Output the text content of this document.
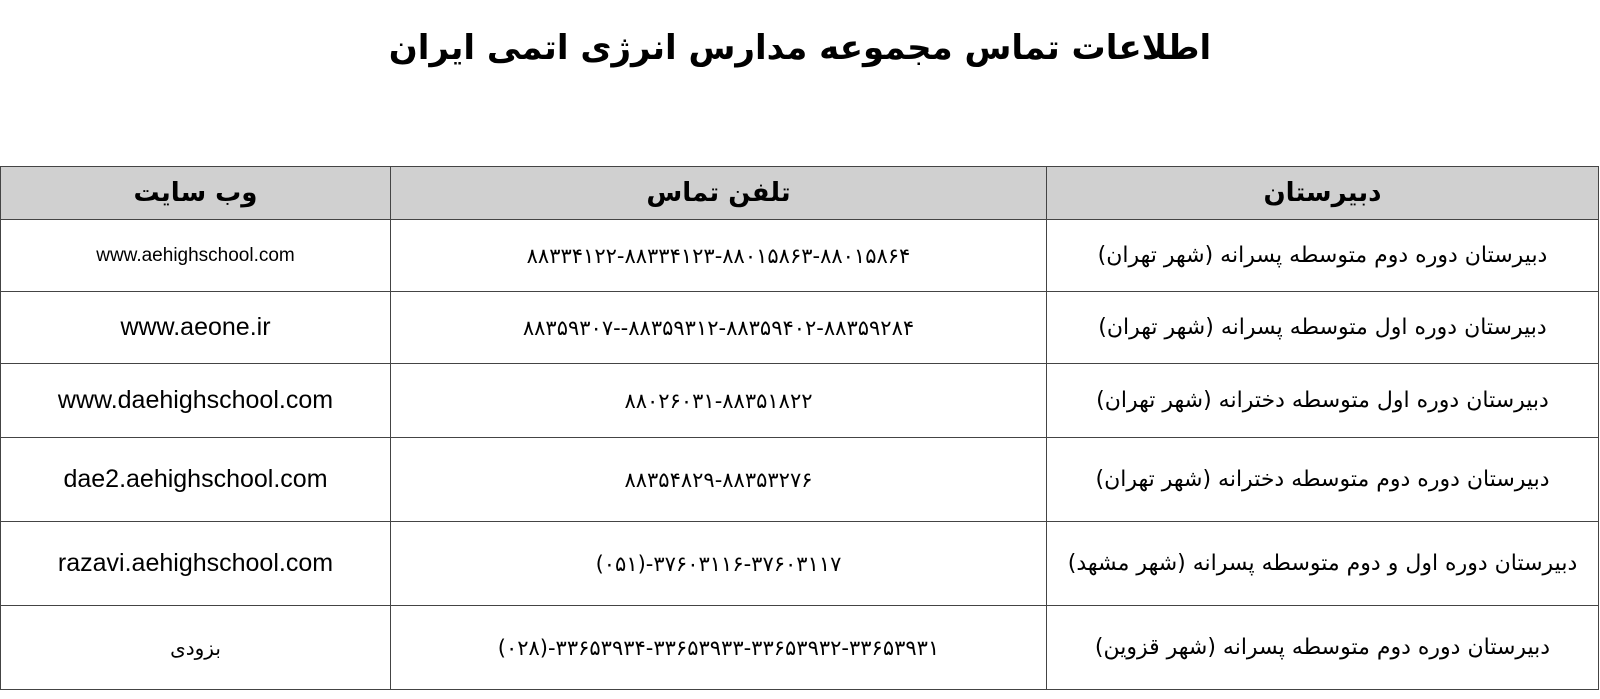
اطلاعات تماس مجموعه مدارس انرژی اتمی ایران
دبیرستان	تلفن تماس	وب سایت
دبیرستان دوره دوم متوسطه پسرانه (شهر تهران)	۸۸۳۳۴۱۲۲-۸۸۳۳۴۱۲۳-۸۸۰۱۵۸۶۳-۸۸۰۱۵۸۶۴	www.aehighschool.com
دبیرستان دوره اول متوسطه پسرانه (شهر تهران)	۸۸۳۵۹۳۰۷--۸۸۳۵۹۳۱۲-۸۸۳۵۹۴۰۲-۸۸۳۵۹۲۸۴	www.aeone.ir
دبیرستان دوره اول متوسطه دخترانه (شهر تهران)	۸۸۰۲۶۰۳۱-۸۸۳۵۱۸۲۲	www.daehighschool.com
دبیرستان دوره دوم متوسطه دخترانه (شهر تهران)	۸۸۳۵۴۸۲۹-۸۸۳۵۳۲۷۶	dae2.aehighschool.com
دبیرستان دوره اول و دوم متوسطه پسرانه (شهر مشهد)	(۰۵۱)-۳۷۶۰۳۱۱۶-۳۷۶۰۳۱۱۷	razavi.aehighschool.com
دبیرستان دوره دوم متوسطه پسرانه (شهر قزوین)	(۰۲۸)-۳۳۶۵۳۹۳۴-۳۳۶۵۳۹۳۳-۳۳۶۵۳۹۳۲-۳۳۶۵۳۹۳۱	بزودی
